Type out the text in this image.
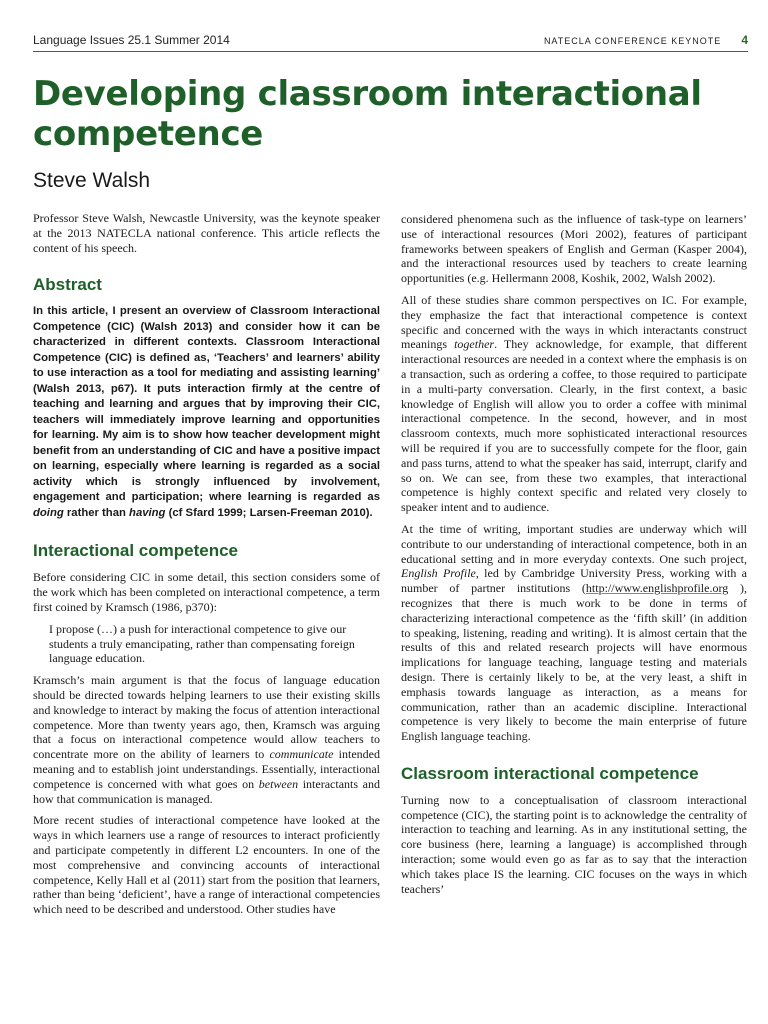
Language Issues 25.1 Summer 2014	NATECLA CONFERENCE KEYNOTE 4
Developing classroom interactional competence
Steve Walsh

Professor Steve Walsh, Newcastle University, was the keynote speaker at the 2013 NATECLA national conference. This article reflects the content of his speech.

Abstract

In this article, I present an overview of Classroom Interactional Competence (CIC) (Walsh 2013) and consider how it can be characterized in different contexts. Classroom Interactional Competence (CIC) is defined as, ‘Teachers’ and learners’ ability to use interaction as a tool for mediating and assisting learning’ (Walsh 2013, p67). It puts interaction firmly at the centre of teaching and learning and argues that by improving their CIC, teachers will immediately improve learning and opportunities for learning. My aim is to show how teacher development might benefit from an understanding of CIC and have a positive impact on learning, especially where learning is regarded as a social activity which is strongly influenced by involvement, engagement and participation; where learning is regarded as doing rather than having (cf Sfard 1999; Larsen-Freeman 2010).

Interactional competence

Before considering CIC in some detail, this section considers some of the work which has been completed on interactional competence, a term first coined by Kramsch (1986, p370):

I propose (…) a push for interactional competence to give our students a truly emancipating, rather than compensating foreign language education.

Kramsch’s main argument is that the focus of language education should be directed towards helping learners to use their existing skills and knowledge to interact by making the focus of attention interactional competence. More than twenty years ago, then, Kramsch was arguing that a focus on interactional competence would allow teachers to concentrate more on the ability of learners to communicate intended meaning and to establish joint understandings. Essentially, interactional competence is concerned with what goes on between interactants and how that communication is managed.

More recent studies of interactional competence have looked at the ways in which learners use a range of resources to interact proficiently and participate competently in different L2 encounters. In one of the most comprehensive and convincing accounts of interactional competence, Kelly Hall et al (2011) start from the position that learners, rather than being ‘deficient’, have a range of interactional competencies which need to be described and understood. Other studies have

considered phenomena such as the influence of task-type on learners’ use of interactional resources (Mori 2002), features of participant frameworks between speakers of English and German (Kasper 2004), and the interactional resources used by teachers to create learning opportunities (e.g. Hellermann 2008, Koshik, 2002, Walsh 2002).

All of these studies share common perspectives on IC. For example, they emphasize the fact that interactional competence is context specific and concerned with the ways in which interactants construct meanings together. They acknowledge, for example, that different interactional resources are needed in a context where the emphasis is on a transaction, such as ordering a coffee, to those required to participate in a multi-party conversation. Clearly, in the first context, a basic knowledge of English will allow you to order a coffee with minimal interactional competence. In the second, however, and in most classroom contexts, much more sophisticated interactional resources will be required if you are to successfully compete for the floor, gain and pass turns, attend to what the speaker has said, interrupt, clarify and so on. We can see, from these two examples, that interactional competence is highly context specific and related very closely to speaker intent and to audience.

At the time of writing, important studies are underway which will contribute to our understanding of interactional competence, both in an educational setting and in more everyday contexts. One such project, English Profile, led by Cambridge University Press, working with a number of partner institutions (http://www.englishprofile.org ), recognizes that there is much work to be done in terms of characterizing interactional competence as the ‘fifth skill’ (in addition to speaking, listening, reading and writing). It is almost certain that the results of this and related research projects will have enormous implications for language teaching, language testing and materials design. There is certainly likely to be, at the very least, a shift in emphasis towards language as interaction, as a means for communication, rather than an academic discipline. Interactional competence is very likely to become the main enterprise of future English language teaching.

Classroom interactional competence

Turning now to a conceptualisation of classroom interactional competence (CIC), the starting point is to acknowledge the centrality of interaction to teaching and learning. As in any institutional setting, the core business (here, learning a language) is accomplished through interaction; some would even go as far as to say that the interaction which takes place IS the learning. CIC focuses on the ways in which teachers’
